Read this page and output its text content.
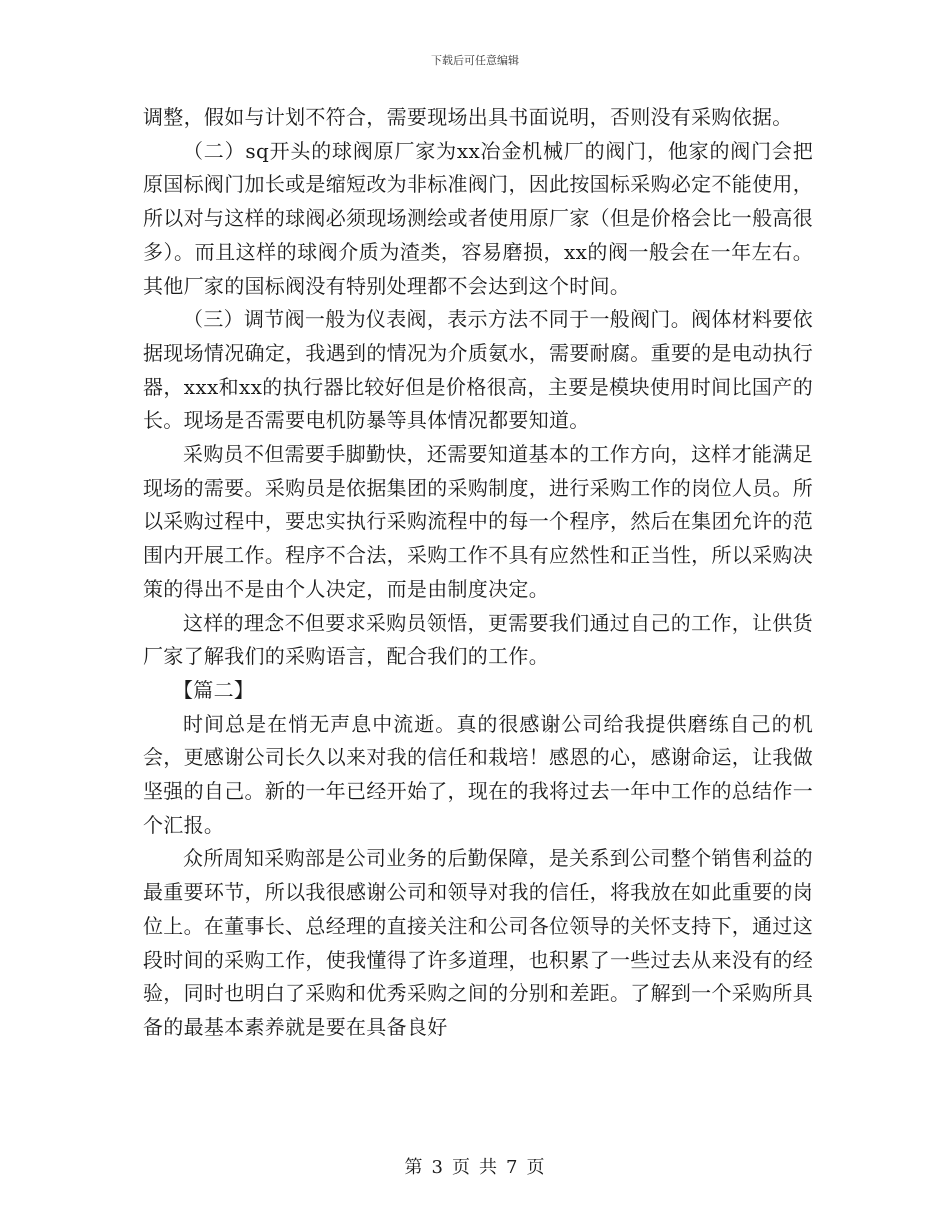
下载后可任意编辑

调整，假如与计划不符合，需要现场出具书面说明，否则没有采购依据。

（二）sq开头的球阀原厂家为xx冶金机械厂的阀门，他家的阀门会把原国标阀门加长或是缩短改为非标准阀门，因此按国标采购必定不能使用，所以对与这样的球阀必须现场测绘或者使用原厂家（但是价格会比一般高很多）。而且这样的球阀介质为渣类，容易磨损，xx的阀一般会在一年左右。其他厂家的国标阀没有特别处理都不会达到这个时间。

（三）调节阀一般为仪表阀，表示方法不同于一般阀门。阀体材料要依据现场情况确定，我遇到的情况为介质氨水，需要耐腐。重要的是电动执行器，xxx和xx的执行器比较好但是价格很高，主要是模块使用时间比国产的长。现场是否需要电机防暴等具体情况都要知道。

采购员不但需要手脚勤快，还需要知道基本的工作方向，这样才能满足现场的需要。采购员是依据集团的采购制度，进行采购工作的岗位人员。所以采购过程中，要忠实执行采购流程中的每一个程序，然后在集团允许的范围内开展工作。程序不合法，采购工作不具有应然性和正当性，所以采购决策的得出不是由个人决定，而是由制度决定。

这样的理念不但要求采购员领悟，更需要我们通过自己的工作，让供货厂家了解我们的采购语言，配合我们的工作。

【篇二】

时间总是在悄无声息中流逝。真的很感谢公司给我提供磨练自己的机会，更感谢公司长久以来对我的信任和栽培！感恩的心，感谢命运，让我做坚强的自己。新的一年已经开始了，现在的我将过去一年中工作的总结作一个汇报。

众所周知采购部是公司业务的后勤保障，是关系到公司整个销售利益的最重要环节，所以我很感谢公司和领导对我的信任，将我放在如此重要的岗位上。在董事长、总经理的直接关注和公司各位领导的关怀支持下，通过这段时间的采购工作，使我懂得了许多道理，也积累了一些过去从来没有的经验，同时也明白了采购和优秀采购之间的分别和差距。了解到一个采购所具备的最基本素养就是要在具备良好

第 3 页 共 7 页
